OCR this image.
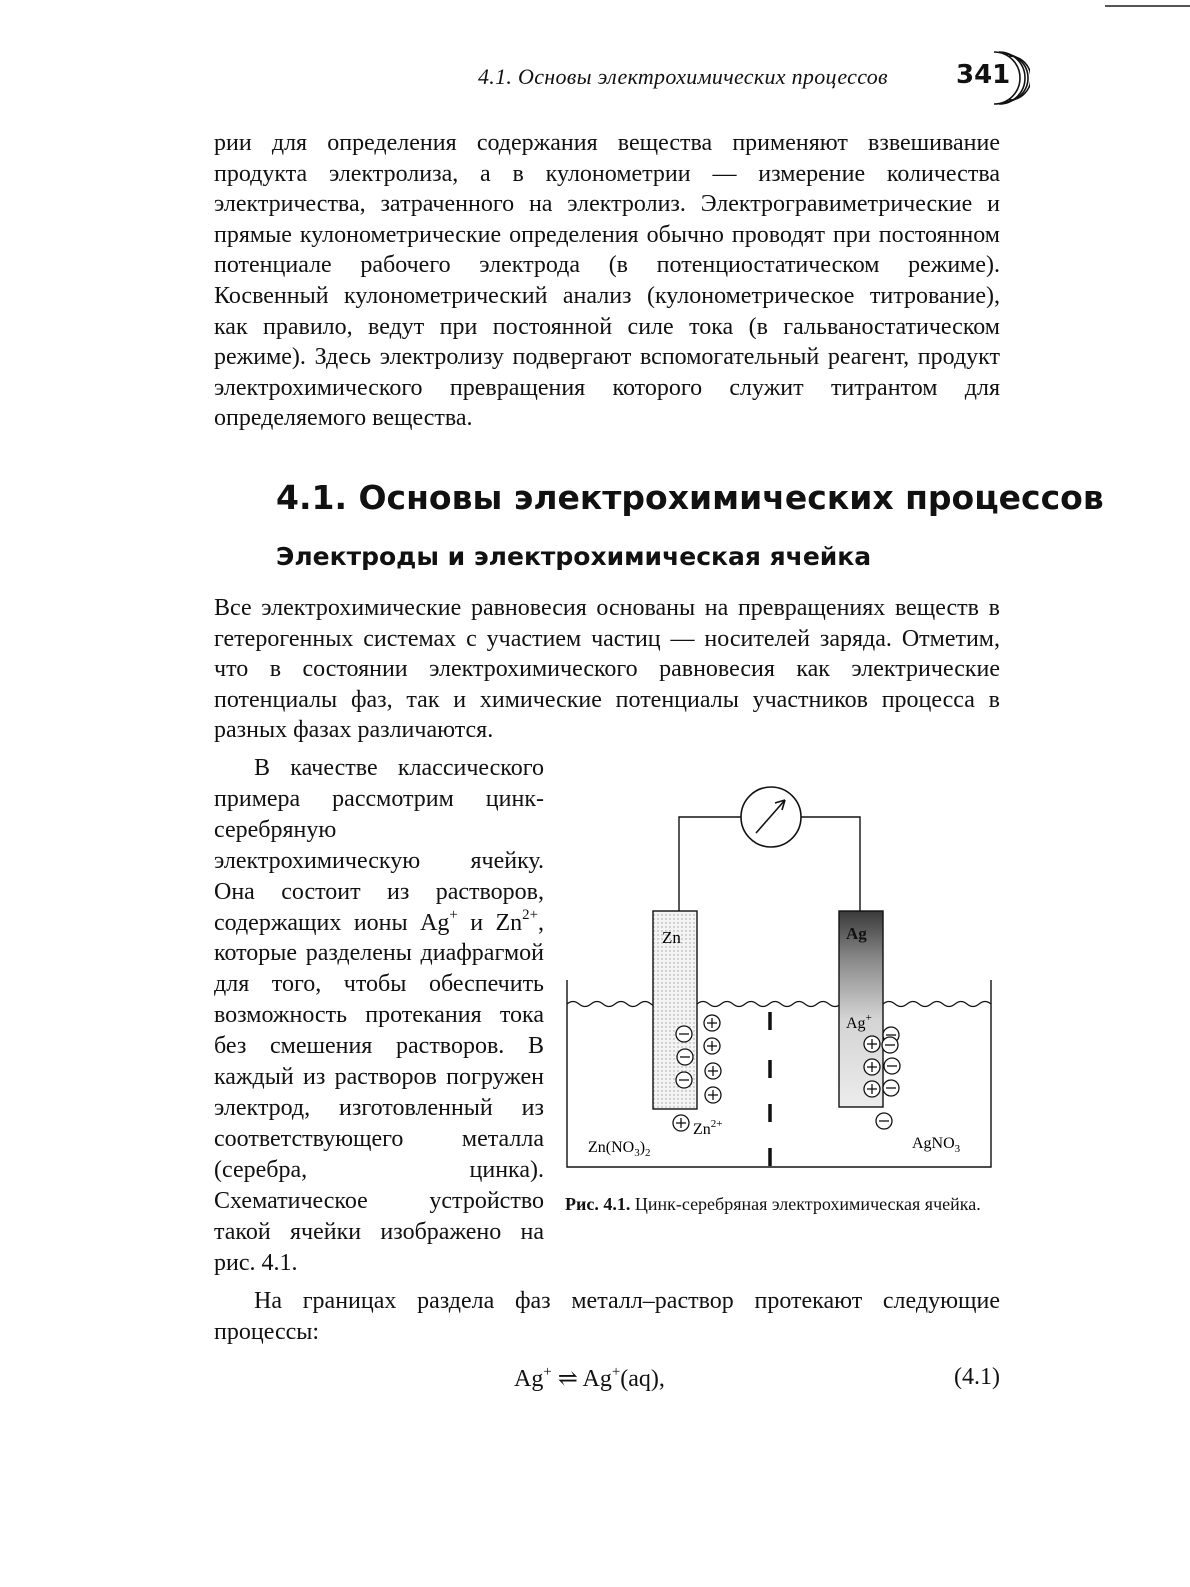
4.1. Основы электрохимических процессов	341

рии для определения содержания вещества применяют взвешивание продукта электролиза, а в кулонометрии — измерение количества электричества, затраченного на электролиз. Электрогравиметрические и прямые кулонометрические определения обычно проводят при постоянном потенциале рабочего электрода (в потенциостатическом режиме). Косвенный кулонометрический анализ (кулонометрическое титрование), как правило, ведут при постоянной силе тока (в гальваностатическом режиме). Здесь электролизу подвергают вспомогательный реагент, продукт электрохимического превращения которого служит титрантом для определяемого вещества.

4.1. Основы электрохимических процессов
Электроды и электрохимическая ячейка

Все электрохимические равновесия основаны на превращениях веществ в гетерогенных системах с участием частиц — носителей заряда. Отметим, что в состоянии электрохимического равновесия как электрические потенциалы фаз, так и химические потенциалы участников процесса в разных фазах различаются.

В качестве классического примера рассмотрим цинк-серебряную электрохимическую ячейку. Она состоит из растворов, содержащих ионы Ag+ и $Zn^{2+}$, которые разделены диафрагмой для того, чтобы обеспечить возможность протекания тока без смешения растворов. В каждый из растворов погружен электрод, изготовленный из соответствующего металла (серебра, цинка). Схематическое устройство такой ячейки изображено на рис. 4.1.

Zn	Ag
Ag+
$Zn^{2+}$
$Zn(NO_3)_2$
AgNO$_3$

Рис. 4.1. Цинк-серебряная электрохимическая ячейка.

На границах раздела фаз металл–раствор протекают следующие процессы:

Ag+ ⇌ Ag+(aq),	(4.1)
